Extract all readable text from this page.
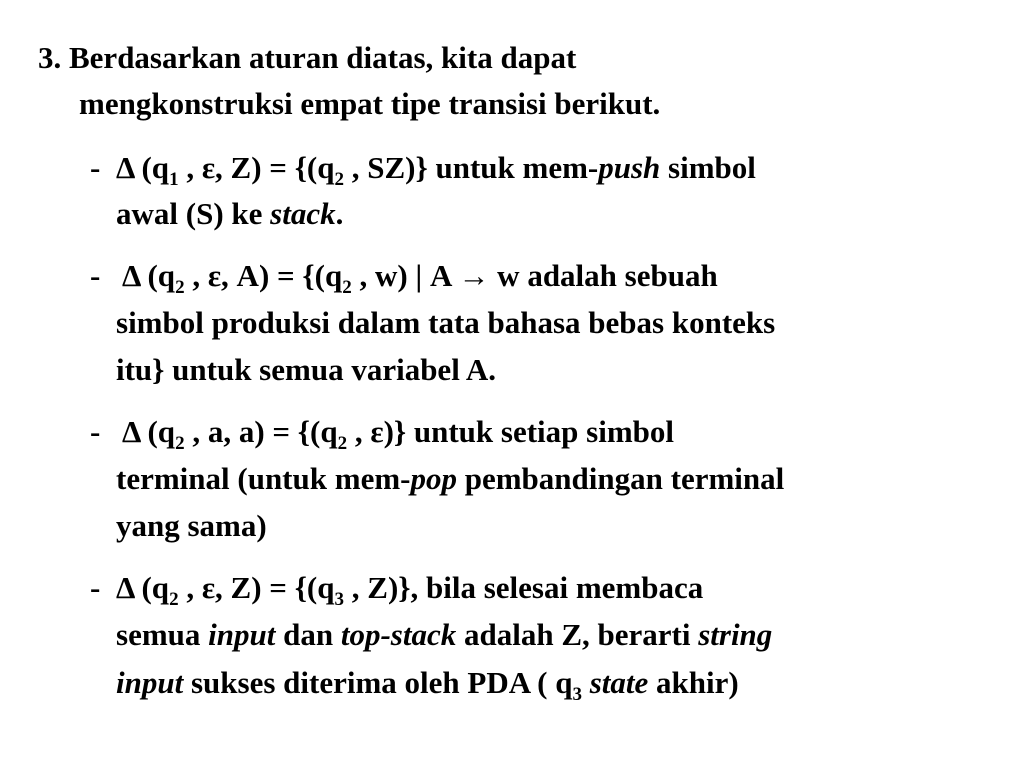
3. Berdasarkan aturan diatas, kita dapat
mengkonstruksi empat tipe transisi berikut.
- Δ ($q_1$ , ε, $Z) = \{(q_2$ , SZ)} untuk mem-push simbol
awal (S) ke stack.
- Δ ($q_2$ , ε, $A) = \{(q_2$ , w) | A → w adalah sebuah
simbol produksi dalam tata bahasa bebas konteks
itu} untuk semua variabel A.
- Δ ($q_2$ , a, $a) = \{(q_2$ , ε)} untuk setiap simbol
terminal (untuk mem-pop pembandingan terminal
yang sama)
- Δ ($q_2$ , ε, $Z) = \{(q_3$ , Z)}, bila selesai membaca
semua input dan top-stack adalah Z, berarti string
input sukses diterima oleh PDA ( $q_3$ state akhir)
